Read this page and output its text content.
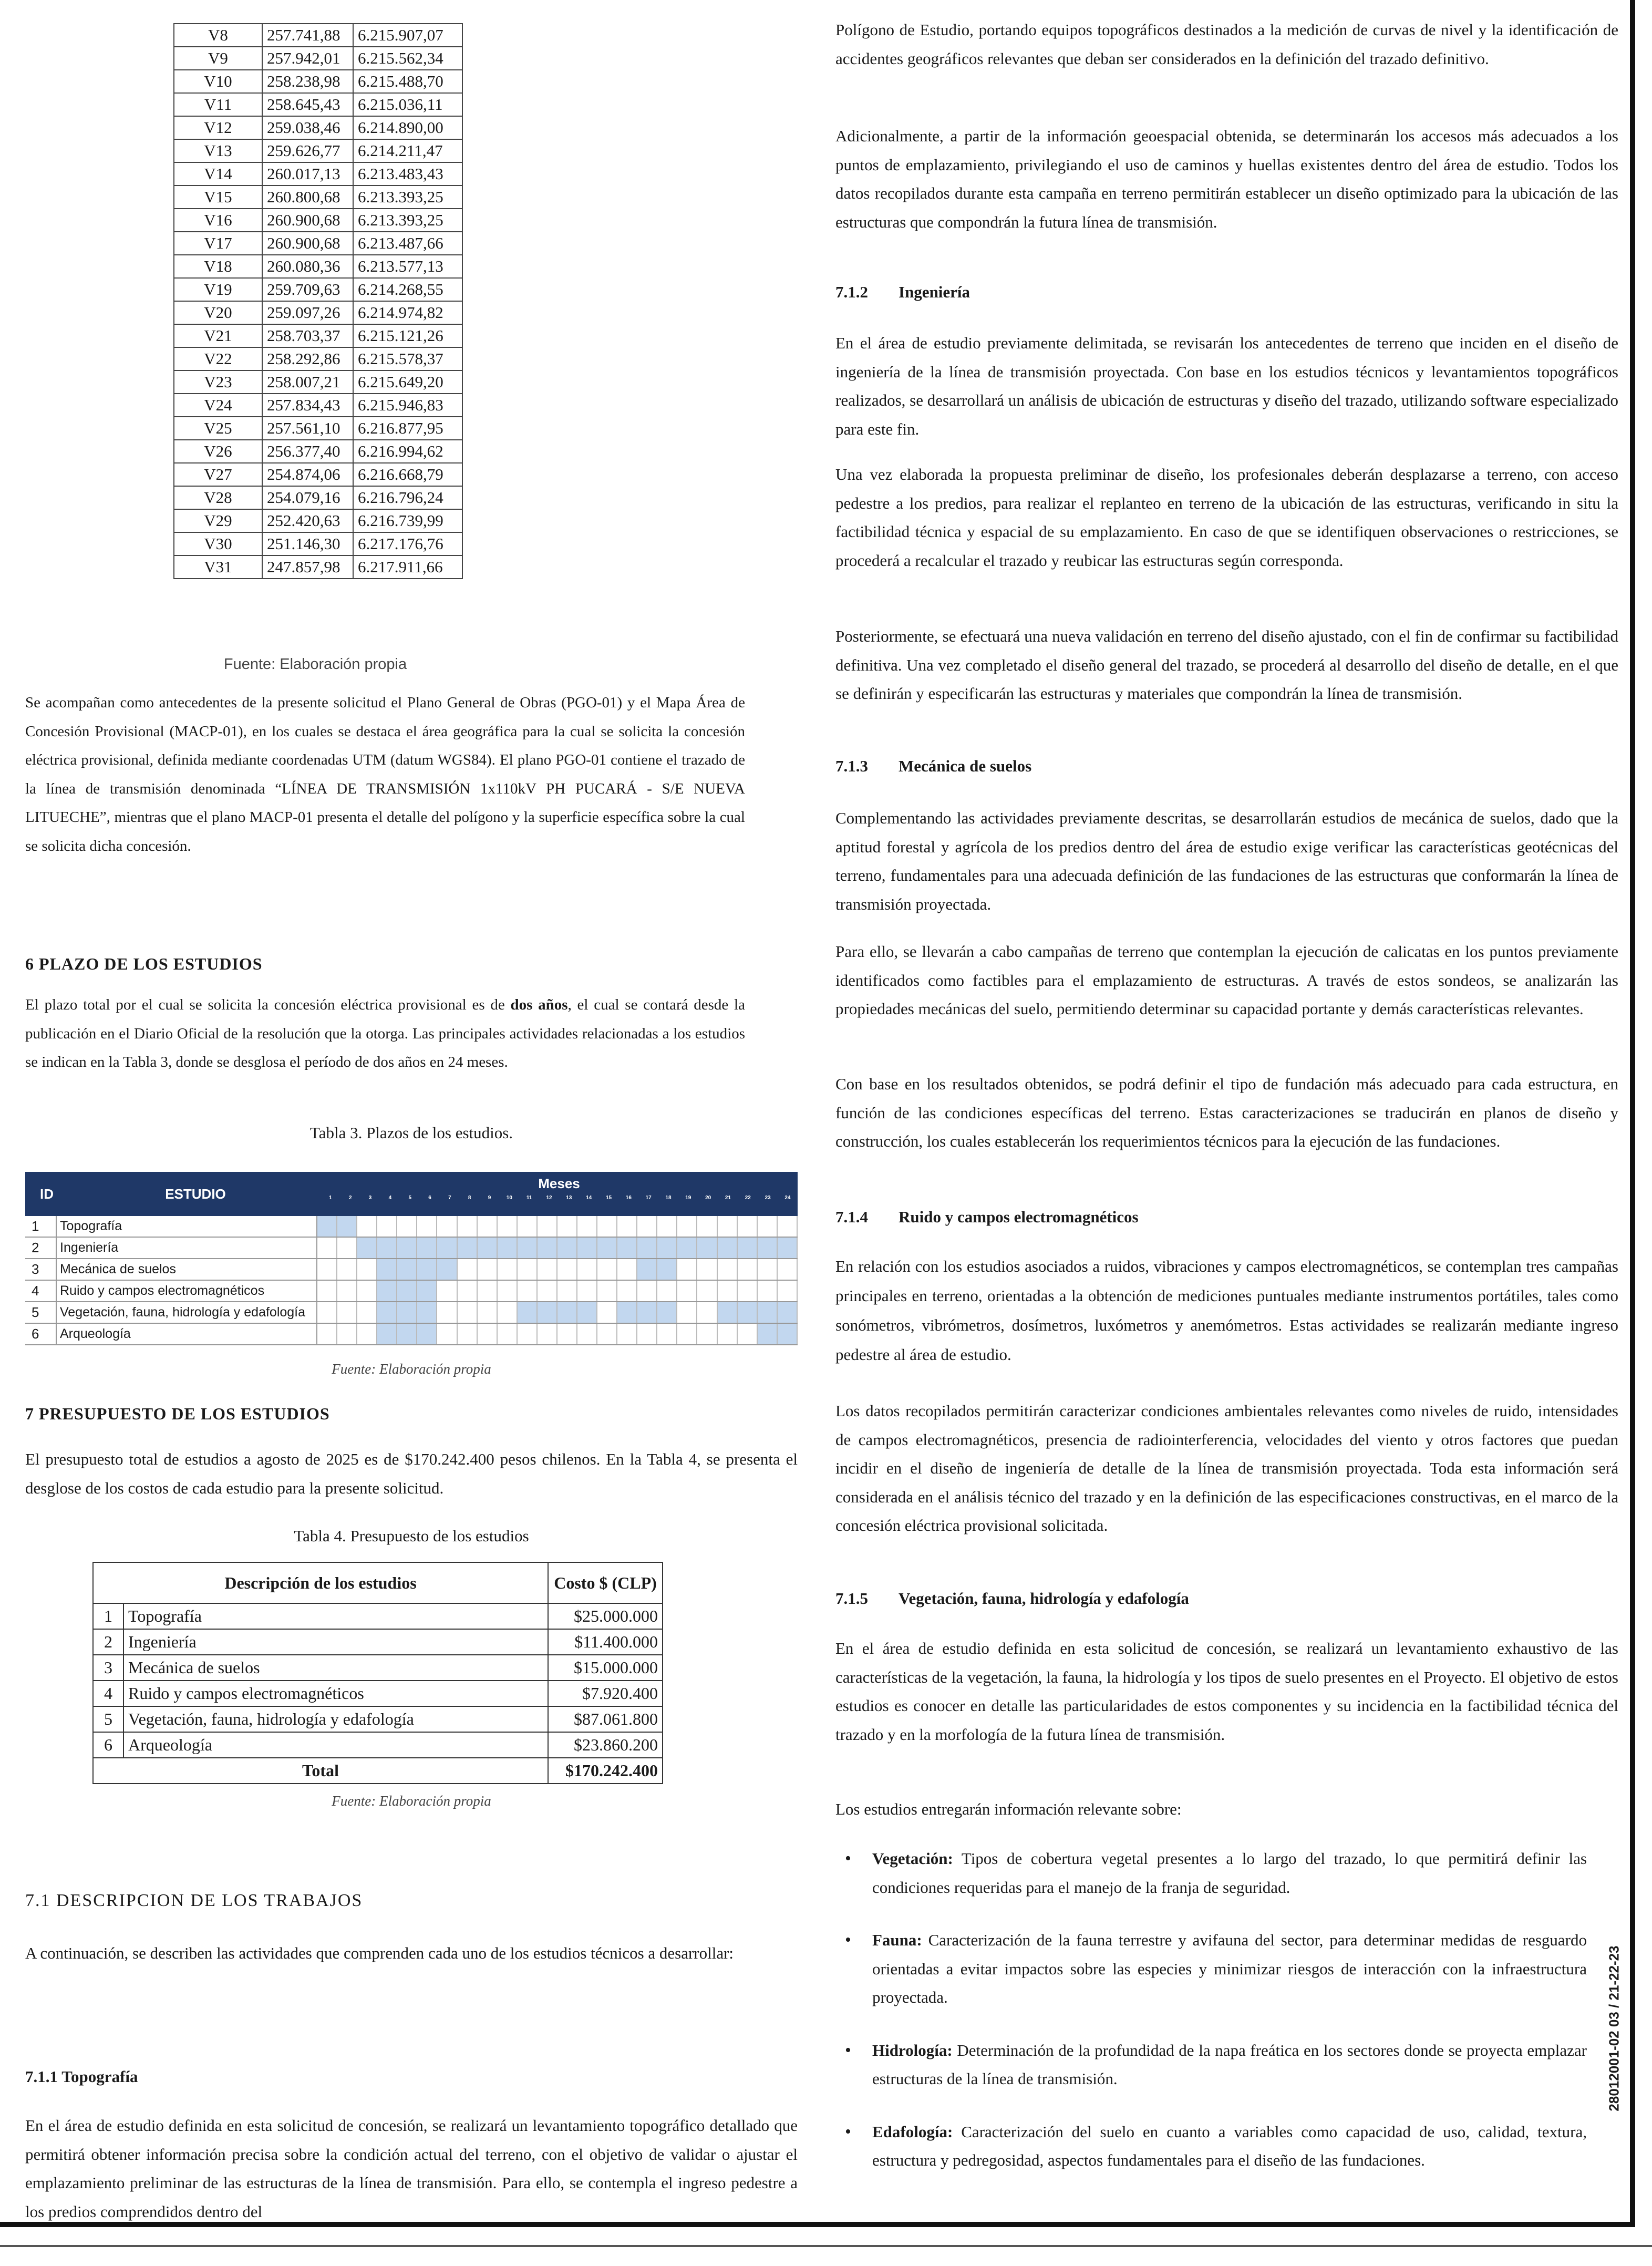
28012001-02 03 / 21-22-23
V8	257.741,88	6.215.907,07
V9	257.942,01	6.215.562,34
V10	258.238,98	6.215.488,70
V11	258.645,43	6.215.036,11
V12	259.038,46	6.214.890,00
V13	259.626,77	6.214.211,47
V14	260.017,13	6.213.483,43
V15	260.800,68	6.213.393,25
V16	260.900,68	6.213.393,25
V17	260.900,68	6.213.487,66
V18	260.080,36	6.213.577,13
V19	259.709,63	6.214.268,55
V20	259.097,26	6.214.974,82
V21	258.703,37	6.215.121,26
V22	258.292,86	6.215.578,37
V23	258.007,21	6.215.649,20
V24	257.834,43	6.215.946,83
V25	257.561,10	6.216.877,95
V26	256.377,40	6.216.994,62
V27	254.874,06	6.216.668,79
V28	254.079,16	6.216.796,24
V29	252.420,63	6.216.739,99
V30	251.146,30	6.217.176,76
V31	247.857,98	6.217.911,66
Fuente: Elaboración propia

Se acompañan como antecedentes de la presente solicitud el Plano General de Obras (PGO-01) y el Mapa Área de Concesión Provisional (MACP-01), en los cuales se destaca el área geográfica para la cual se solicita la concesión eléctrica provisional, definida mediante coordenadas UTM (datum WGS84). El plano PGO-01 contiene el trazado de la línea de transmisión denominada “LÍNEA DE TRANSMISIÓN 1x110kV PH PUCARÁ - S/E NUEVA LITUECHE”, mientras que el plano MACP-01 presenta el detalle del polígono y la superficie específica sobre la cual se solicita dicha concesión.

6 PLAZO DE LOS ESTUDIOS

El plazo total por el cual se solicita la concesión eléctrica provisional es de dos años, el cual se contará desde la publicación en el Diario Oficial de la resolución que la otorga. Las principales actividades relacionadas a los estudios se indican en la Tabla 3, donde se desglosa el período de dos años en 24 meses.

Tabla 3. Plazos de los estudios.
ID	ESTUDIO
Meses
1	2	3	4	5	6	7	8	9	10	11	12	13	14	15	16	17	18	19	20	21	22	23	24
1	Topografía
2	Ingeniería
3	Mecánica de suelos
4	Ruido y campos electromagnéticos
5	Vegetación, fauna, hidrología y edafología
6	Arqueología
Fuente: Elaboración propia
7 PRESUPUESTO DE LOS ESTUDIOS

El presupuesto total de estudios a agosto de 2025 es de $170.242.400 pesos chilenos. En la Tabla 4, se presenta el desglose de los costos de cada estudio para la presente solicitud.

Tabla 4. Presupuesto de los estudios
Descripción de los estudios		Costo $ (CLP)
1	Topografía	$25.000.000
2	Ingeniería	$11.400.000
3	Mecánica de suelos	$15.000.000
4	Ruido y campos electromagnéticos	$7.920.400
5	Vegetación, fauna, hidrología y edafología	$87.061.800
6	Arqueología	$23.860.200
Total		$170.242.400
Fuente: Elaboración propia
7.1 DESCRIPCION DE LOS TRABAJOS

A continuación, se describen las actividades que comprenden cada uno de los estudios técnicos a desarrollar:

7.1.1 Topografía

En el área de estudio definida en esta solicitud de concesión, se realizará un levantamiento topográfico detallado que permitirá obtener información precisa sobre la condición actual del terreno, con el objetivo de validar o ajustar el emplazamiento preliminar de las estructuras de la línea de transmisión. Para ello, se contempla el ingreso pedestre a los predios comprendidos dentro del

Polígono de Estudio, portando equipos topográficos destinados a la medición de curvas de nivel y la identificación de accidentes geográficos relevantes que deban ser considerados en la definición del trazado definitivo.

Adicionalmente, a partir de la información geoespacial obtenida, se determinarán los accesos más adecuados a los puntos de emplazamiento, privilegiando el uso de caminos y huellas existentes dentro del área de estudio. Todos los datos recopilados durante esta campaña en terreno permitirán establecer un diseño optimizado para la ubicación de las estructuras que compondrán la futura línea de transmisión.

7.1.2 Ingeniería

En el área de estudio previamente delimitada, se revisarán los antecedentes de terreno que inciden en el diseño de ingeniería de la línea de transmisión proyectada. Con base en los estudios técnicos y levantamientos topográficos realizados, se desarrollará un análisis de ubicación de estructuras y diseño del trazado, utilizando software especializado para este fin.

Una vez elaborada la propuesta preliminar de diseño, los profesionales deberán desplazarse a terreno, con acceso pedestre a los predios, para realizar el replanteo en terreno de la ubicación de las estructuras, verificando in situ la factibilidad técnica y espacial de su emplazamiento. En caso de que se identifiquen observaciones o restricciones, se procederá a recalcular el trazado y reubicar las estructuras según corresponda.

Posteriormente, se efectuará una nueva validación en terreno del diseño ajustado, con el fin de confirmar su factibilidad definitiva. Una vez completado el diseño general del trazado, se procederá al desarrollo del diseño de detalle, en el que se definirán y especificarán las estructuras y materiales que compondrán la línea de transmisión.

7.1.3 Mecánica de suelos

Complementando las actividades previamente descritas, se desarrollarán estudios de mecánica de suelos, dado que la aptitud forestal y agrícola de los predios dentro del área de estudio exige verificar las características geotécnicas del terreno, fundamentales para una adecuada definición de las fundaciones de las estructuras que conformarán la línea de transmisión proyectada.

Para ello, se llevarán a cabo campañas de terreno que contemplan la ejecución de calicatas en los puntos previamente identificados como factibles para el emplazamiento de estructuras. A través de estos sondeos, se analizarán las propiedades mecánicas del suelo, permitiendo determinar su capacidad portante y demás características relevantes.

Con base en los resultados obtenidos, se podrá definir el tipo de fundación más adecuado para cada estructura, en función de las condiciones específicas del terreno. Estas caracterizaciones se traducirán en planos de diseño y construcción, los cuales establecerán los requerimientos técnicos para la ejecución de las fundaciones.

7.1.4 Ruido y campos electromagnéticos

En relación con los estudios asociados a ruidos, vibraciones y campos electromagnéticos, se contemplan tres campañas principales en terreno, orientadas a la obtención de mediciones puntuales mediante instrumentos portátiles, tales como sonómetros, vibrómetros, dosímetros, luxómetros y anemómetros. Estas actividades se realizarán mediante ingreso pedestre al área de estudio.

Los datos recopilados permitirán caracterizar condiciones ambientales relevantes como niveles de ruido, intensidades de campos electromagnéticos, presencia de radiointerferencia, velocidades del viento y otros factores que puedan incidir en el diseño de ingeniería de detalle de la línea de transmisión proyectada. Toda esta información será considerada en el análisis técnico del trazado y en la definición de las especificaciones constructivas, en el marco de la concesión eléctrica provisional solicitada.

7.1.5 Vegetación, fauna, hidrología y edafología

En el área de estudio definida en esta solicitud de concesión, se realizará un levantamiento exhaustivo de las características de la vegetación, la fauna, la hidrología y los tipos de suelo presentes en el Proyecto. El objetivo de estos estudios es conocer en detalle las particularidades de estos componentes y su incidencia en la factibilidad técnica del trazado y en la morfología de la futura línea de transmisión.

Los estudios entregarán información relevante sobre:

• Vegetación: Tipos de cobertura vegetal presentes a lo largo del trazado, lo que permitirá definir las condiciones requeridas para el manejo de la franja de seguridad.
• Fauna: Caracterización de la fauna terrestre y avifauna del sector, para determinar medidas de resguardo orientadas a evitar impactos sobre las especies y minimizar riesgos de interacción con la infraestructura proyectada.
• Hidrología: Determinación de la profundidad de la napa freática en los sectores donde se proyecta emplazar estructuras de la línea de transmisión.
• Edafología: Caracterización del suelo en cuanto a variables como capacidad de uso, calidad, textura, estructura y pedregosidad, aspectos fundamentales para el diseño de las fundaciones.
